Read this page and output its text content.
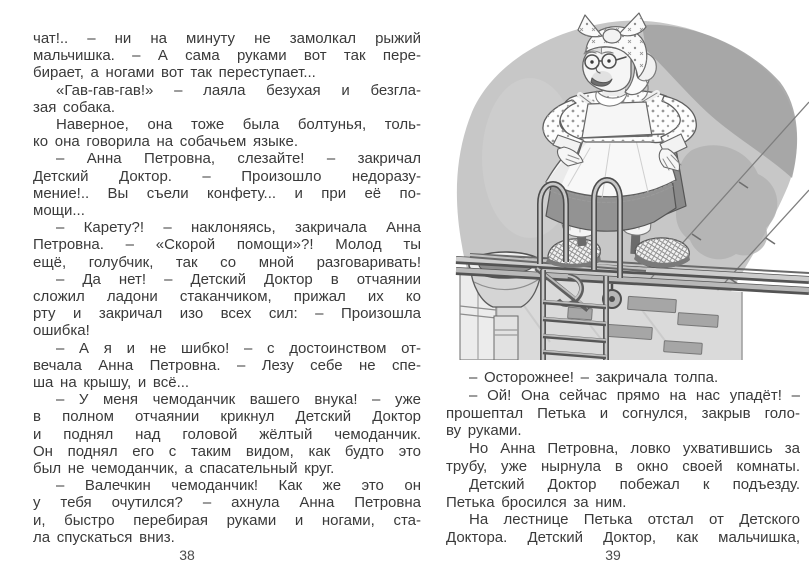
чат!.. – ни на минуту не замолкал рыжий
мальчишка. – А сама руками вот так пере-
бирает, а ногами вот так переступает...
«Гав-гав-гав!» – лаяла безухая и безгла-
зая собака.
Наверное, она тоже была болтунья, толь-
ко она говорила на собачьем языке.
– Анна Петровна, слезайте! – закричал
Детский Доктор. – Произошло недоразу-
мение!.. Вы съели конфету... и при её по-
мощи...
– Карету?! – наклоняясь, закричала Анна
Петровна. – «Скорой помощи»?! Молод ты
ещё, голубчик, так со мной разговаривать!
– Да нет! – Детский Доктор в отчаянии
сложил ладони стаканчиком, прижал их ко
рту и закричал изо всех сил: – Произошла
ошибка!
– А я и не шибко! – с достоинством от-
вечала Анна Петровна. – Лезу себе не спе-
ша на крышу, и всё...
– У меня чемоданчик вашего внука! – уже
в полном отчаянии крикнул Детский Доктор
и поднял над головой жёлтый чемоданчик.
Он поднял его с таким видом, как будто это
был не чемоданчик, а спасательный круг.
– Валечкин чемоданчик! Как же это он
у тебя очутился? – ахнула Анна Петровна
и, быстро перебирая руками и ногами, ста-
ла спускаться вниз.
– Осторожнее! – закричала толпа.
– Ой! Она сейчас прямо на нас упадёт! –
прошептал Петька и согнулся, закрыв голо-
ву руками.
Но Анна Петровна, ловко ухватившись за
трубу, уже нырнула в окно своей комнаты.
Детский Доктор побежал к подъезду.
Петька бросился за ним.
На лестнице Петька отстал от Детского
Доктора. Детский Доктор, как мальчишка,
38	39
